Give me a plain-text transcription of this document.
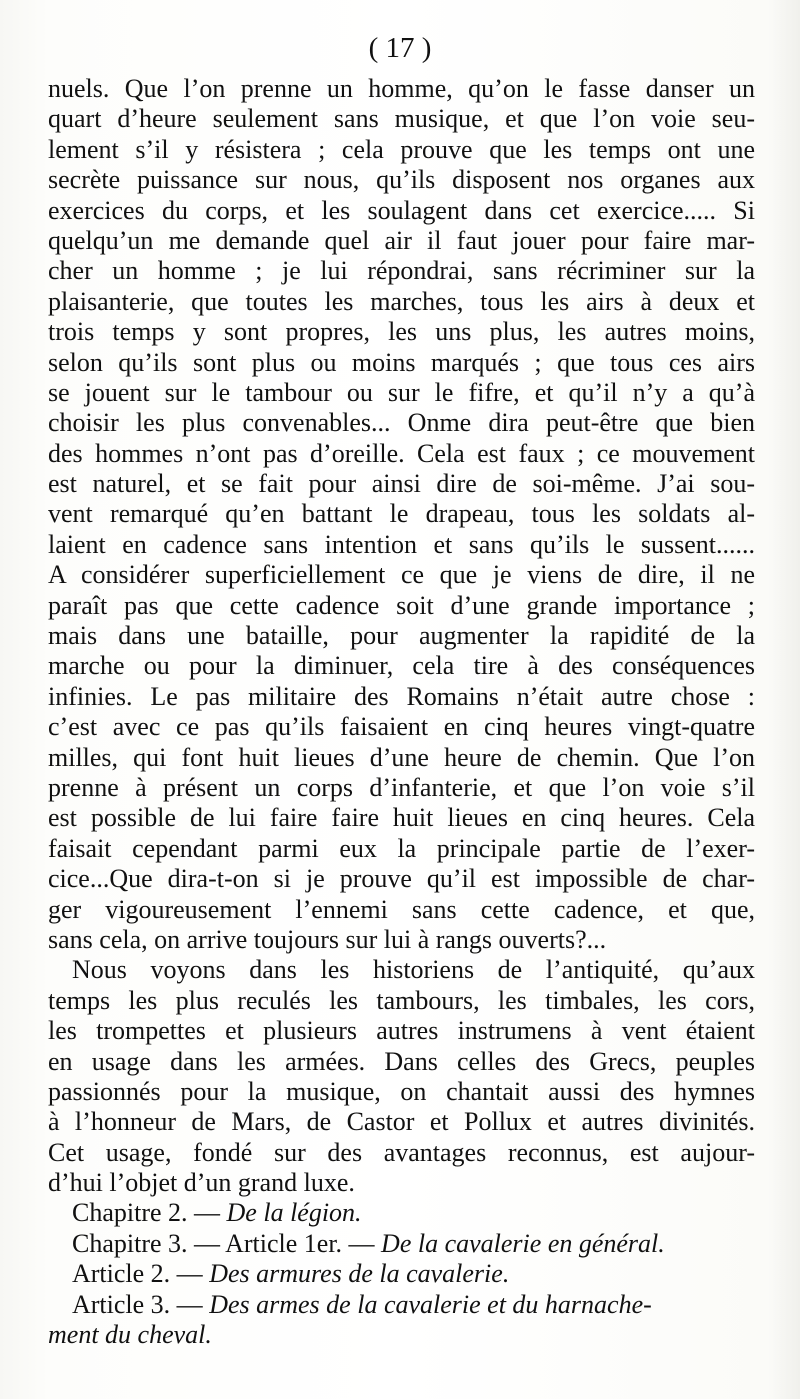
( 17 )
nuels. Que l’on prenne un homme, qu’on le fasse danser un
quart d’heure seulement sans musique, et que l’on voie seu-
lement s’il y résistera ; cela prouve que les temps ont une
secrète puissance sur nous, qu’ils disposent nos organes aux
exercices du corps, et les soulagent dans cet exercice..... Si
quelqu’un me demande quel air il faut jouer pour faire mar-
cher un homme ; je lui répondrai, sans récriminer sur la
plaisanterie, que toutes les marches, tous les airs à deux et
trois temps y sont propres, les uns plus, les autres moins,
selon qu’ils sont plus ou moins marqués ; que tous ces airs
se jouent sur le tambour ou sur le fifre, et qu’il n’y a qu’à
choisir les plus convenables... Onme dira peut-être que bien
des hommes n’ont pas d’oreille. Cela est faux ; ce mouvement
est naturel, et se fait pour ainsi dire de soi-même. J’ai sou-
vent remarqué qu’en battant le drapeau, tous les soldats al-
laient en cadence sans intention et sans qu’ils le sussent......
A considérer superficiellement ce que je viens de dire, il ne
paraît pas que cette cadence soit d’une grande importance ;
mais dans une bataille, pour augmenter la rapidité de la
marche ou pour la diminuer, cela tire à des conséquences
infinies. Le pas militaire des Romains n’était autre chose :
c’est avec ce pas qu’ils faisaient en cinq heures vingt-quatre
milles, qui font huit lieues d’une heure de chemin. Que l’on
prenne à présent un corps d’infanterie, et que l’on voie s’il
est possible de lui faire faire huit lieues en cinq heures. Cela
faisait cependant parmi eux la principale partie de l’exer-
cice...Que dira-t-on si je prouve qu’il est impossible de char-
ger vigoureusement l’ennemi sans cette cadence, et que,
sans cela, on arrive toujours sur lui à rangs ouverts?...
Nous voyons dans les historiens de l’antiquité, qu’aux
temps les plus reculés les tambours, les timbales, les cors,
les trompettes et plusieurs autres instrumens à vent étaient
en usage dans les armées. Dans celles des Grecs, peuples
passionnés pour la musique, on chantait aussi des hymnes
à l’honneur de Mars, de Castor et Pollux et autres divinités.
Cet usage, fondé sur des avantages reconnus, est aujour-
d’hui l’objet d’un grand luxe.
Chapitre 2. — De la légion.
Chapitre 3. — Article 1er. — De la cavalerie en général.
Article 2. — Des armures de la cavalerie.
Article 3. — Des armes de la cavalerie et du harnache-
ment du cheval.
